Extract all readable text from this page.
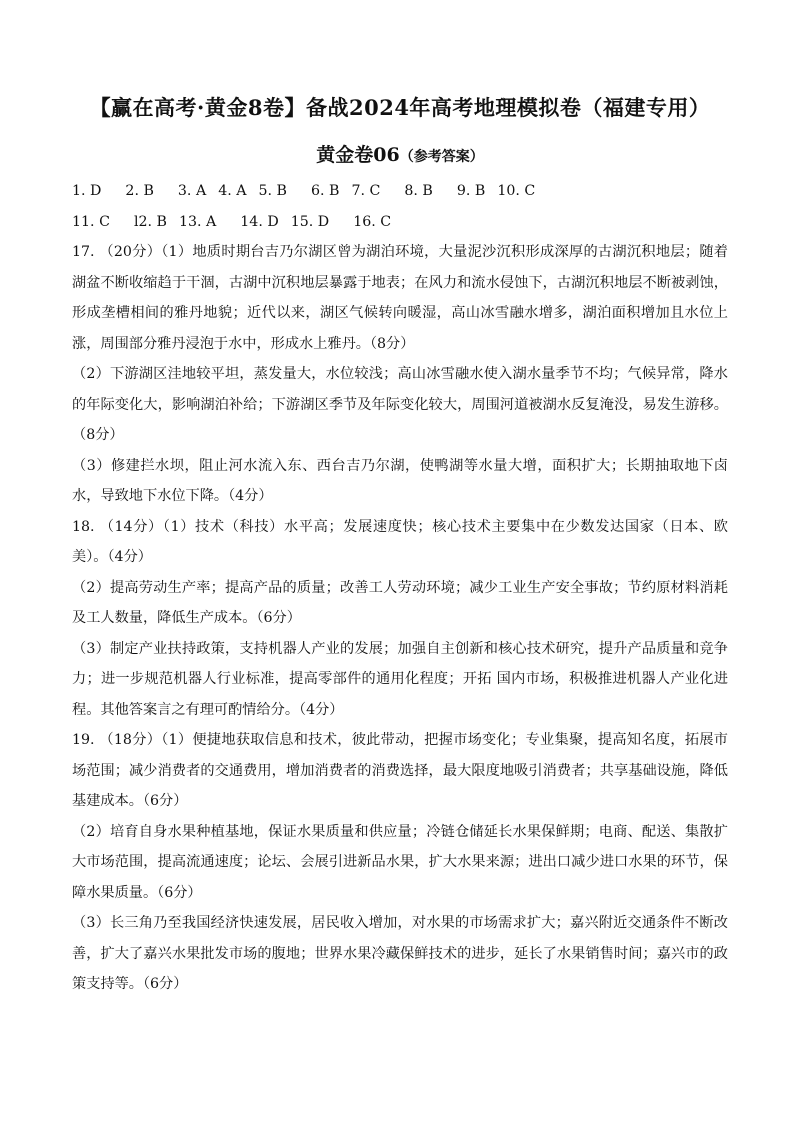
【赢在高考·黄金8卷】备战2024年高考地理模拟卷（福建专用）
黄金卷06（参考答案）
1. D 2. B 3. A 4. A 5. B 6. B 7. C 8. B 9. B 10. C
11. C l2. B 13. A 14. D 15. D 16. C
17. （20分）（1）地质时期台吉乃尔湖区曾为湖泊环境，大量泥沙沉积形成深厚的古湖沉积地层；随着湖盆不断收缩趋于干涸，古湖中沉积地层暴露于地表；在风力和流水侵蚀下，古湖沉积地层不断被剥蚀，形成垄槽相间的雅丹地貌；近代以来，湖区气候转向暖湿，高山冰雪融水增多，湖泊面积增加且水位上涨，周围部分雅丹浸泡于水中，形成水上雅丹。（8分）
（2）下游湖区洼地较平坦，蒸发量大，水位较浅；高山冰雪融水使入湖水量季节不均；气候异常，降水的年际变化大，影响湖泊补给；下游湖区季节及年际变化较大，周围河道被湖水反复淹没，易发生游移。（8分）
（3）修建拦水坝，阻止河水流入东、西台吉乃尔湖，使鸭湖等水量大增，面积扩大；长期抽取地下卤水，导致地下水位下降。（4分）
18. （14分）（1）技术（科技）水平高；发展速度快；核心技术主要集中在少数发达国家（日本、欧美）。（4分）
（2）提高劳动生产率；提高产品的质量；改善工人劳动环境；减少工业生产安全事故；节约原材料消耗及工人数量，降低生产成本。（6分）
（3）制定产业扶持政策，支持机器人产业的发展；加强自主创新和核心技术研究，提升产品质量和竞争力；进一步规范机器人行业标准，提高零部件的通用化程度；开拓 国内市场，积极推进机器人产业化进程。其他答案言之有理可酌情给分。（4分）
19. （18分）（1）便捷地获取信息和技术，彼此带动，把握市场变化；专业集聚，提高知名度，拓展市场范围；减少消费者的交通费用，增加消费者的消费选择，最大限度地吸引消费者；共享基础设施，降低基建成本。（6分）
（2）培育自身水果种植基地，保证水果质量和供应量；冷链仓储延长水果保鲜期；电商、配送、集散扩大市场范围，提高流通速度；论坛、会展引进新品水果，扩大水果来源；进出口减少进口水果的环节，保障水果质量。（6分）
（3）长三角乃至我国经济快速发展，居民收入增加，对水果的市场需求扩大；嘉兴附近交通条件不断改善，扩大了嘉兴水果批发市场的腹地；世界水果冷藏保鲜技术的进步，延长了水果销售时间；嘉兴市的政策支持等。（6分）
